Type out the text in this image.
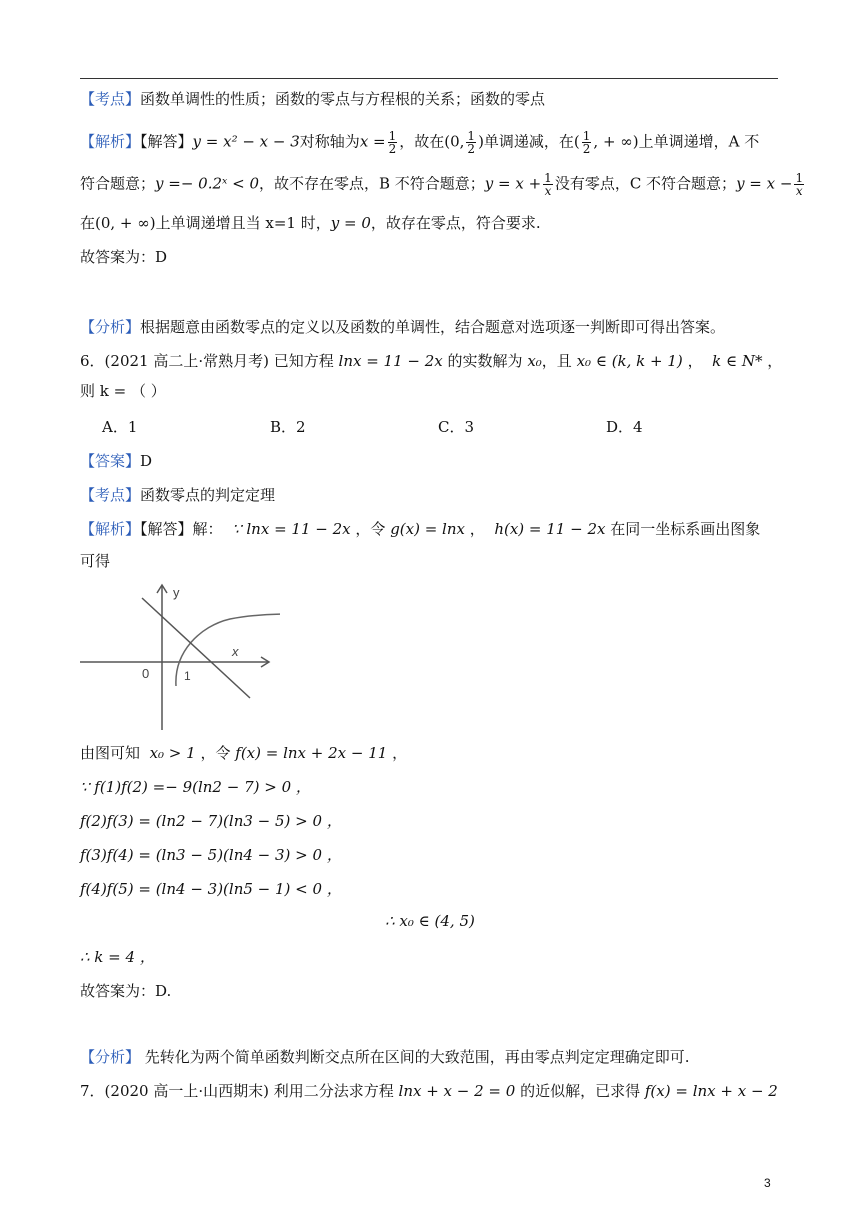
【考点】函数单调性的性质；函数的零点与方程根的关系；函数的零点
【解析】【解答】y = x² − x − 3对称轴为$x = \frac{1}{2}$ ，故在(0, $\frac{1}{2}$ )单调递减，在( $\frac{1}{2}$ , + ∞)上单调递增，A 不
符合题意；y =− 0.2ˣ < 0，故不存在零点，B 不符合题意；$y = x + \frac{1}{x}$ 没有零点，C 不符合题意；$y = x - \frac{1}{x}$
在(0, + ∞)上单调递增且当 x=1 时，y = 0，故存在零点，符合要求.
故答案为：D
【分析】根据题意由函数零点的定义以及函数的单调性，结合题意对选项逐一判断即可得出答案。
6．(2021 高二上·常熟月考) 已知方程 lnx = 11 − 2x 的实数解为 x₀，且 x₀ ∈ (k, k + 1) ， k ∈ N* ，
则 k = （ ）
A．1	B．2	C．3	D．4
【答案】D
【考点】函数零点的判定定理
【解析】【解答】解： ∵ lnx = 11 − 2x ，令 g(x) = lnx ， h(x) = 11 − 2x 在同一坐标系画出图象
可得
y
x
0	1
由图可知 x₀ > 1 ，令 f(x) = lnx + 2x − 11 ，
∵ f(1)f(2) =− 9(ln2 − 7) > 0 ，
f(2)f(3) = (ln2 − 7)(ln3 − 5) > 0 ，
f(3)f(4) = (ln3 − 5)(ln4 − 3) > 0 ，
f(4)f(5) = (ln4 − 3)(ln5 − 1) < 0 ，
∴ x₀ ∈ (4, 5)
∴ k = 4 ，
故答案为：D.
【分析】 先转化为两个简单函数判断交点所在区间的大致范围，再由零点判定定理确定即可.
7．(2020 高一上·山西期末) 利用二分法求方程 lnx + x − 2 = 0 的近似解，已求得 f(x) = lnx + x − 2
3
